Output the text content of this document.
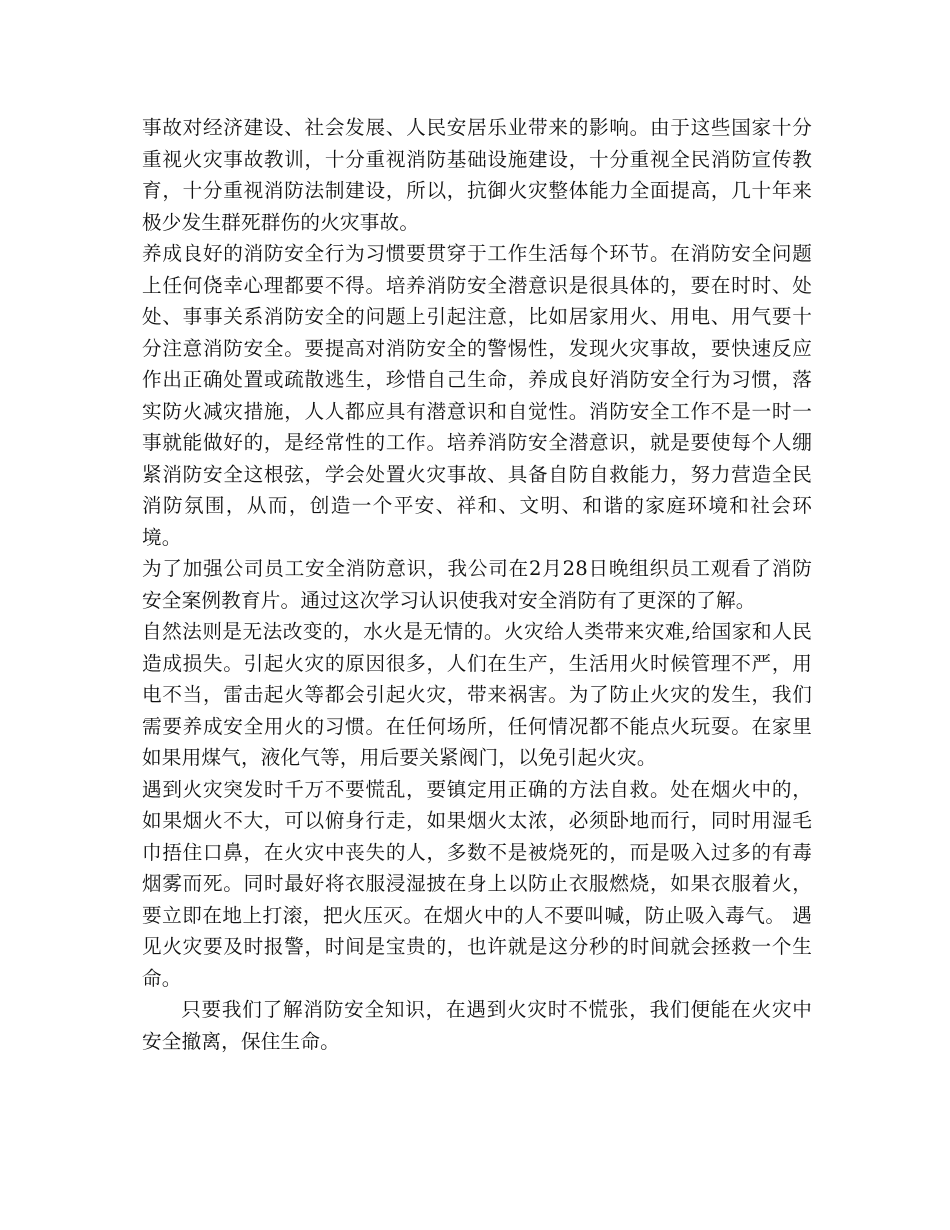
事故对经济建设、社会发展、人民安居乐业带来的影响。由于这些国家十分重视火灾事故教训，十分重视消防基础设施建设，十分重视全民消防宣传教育，十分重视消防法制建设，所以，抗御火灾整体能力全面提高，几十年来极少发生群死群伤的火灾事故。

养成良好的消防安全行为习惯要贯穿于工作生活每个环节。在消防安全问题上任何侥幸心理都要不得。培养消防安全潜意识是很具体的，要在时时、处处、事事关系消防安全的问题上引起注意，比如居家用火、用电、用气要十分注意消防安全。要提高对消防安全的警惕性，发现火灾事故，要快速反应作出正确处置或疏散逃生，珍惜自己生命，养成良好消防安全行为习惯，落实防火减灾措施，人人都应具有潜意识和自觉性。消防安全工作不是一时一事就能做好的，是经常性的工作。培养消防安全潜意识，就是要使每个人绷紧消防安全这根弦，学会处置火灾事故、具备自防自救能力，努力营造全民消防氛围，从而，创造一个平安、祥和、文明、和谐的家庭环境和社会环境。

为了加强公司员工安全消防意识，我公司在2月28日晚组织员工观看了消防安全案例教育片。通过这次学习认识使我对安全消防有了更深的了解。

自然法则是无法改变的，水火是无情的。火灾给人类带来灾难,给国家和人民造成损失。引起火灾的原因很多，人们在生产，生活用火时候管理不严，用电不当，雷击起火等都会引起火灾，带来祸害。为了防止火灾的发生，我们需要养成安全用火的习惯。在任何场所，任何情况都不能点火玩耍。在家里如果用煤气，液化气等，用后要关紧阀门，以免引起火灾。

遇到火灾突发时千万不要慌乱，要镇定用正确的方法自救。处在烟火中的，如果烟火不大，可以俯身行走，如果烟火太浓，必须卧地而行，同时用湿毛巾捂住口鼻，在火灾中丧失的人，多数不是被烧死的，而是吸入过多的有毒烟雾而死。同时最好将衣服浸湿披在身上以防止衣服燃烧，如果衣服着火，要立即在地上打滚，把火压灭。在烟火中的人不要叫喊，防止吸入毒气。 遇见火灾要及时报警，时间是宝贵的，也许就是这分秒的时间就会拯救一个生命。

只要我们了解消防安全知识，在遇到火灾时不慌张，我们便能在火灾中安全撤离，保住生命。
